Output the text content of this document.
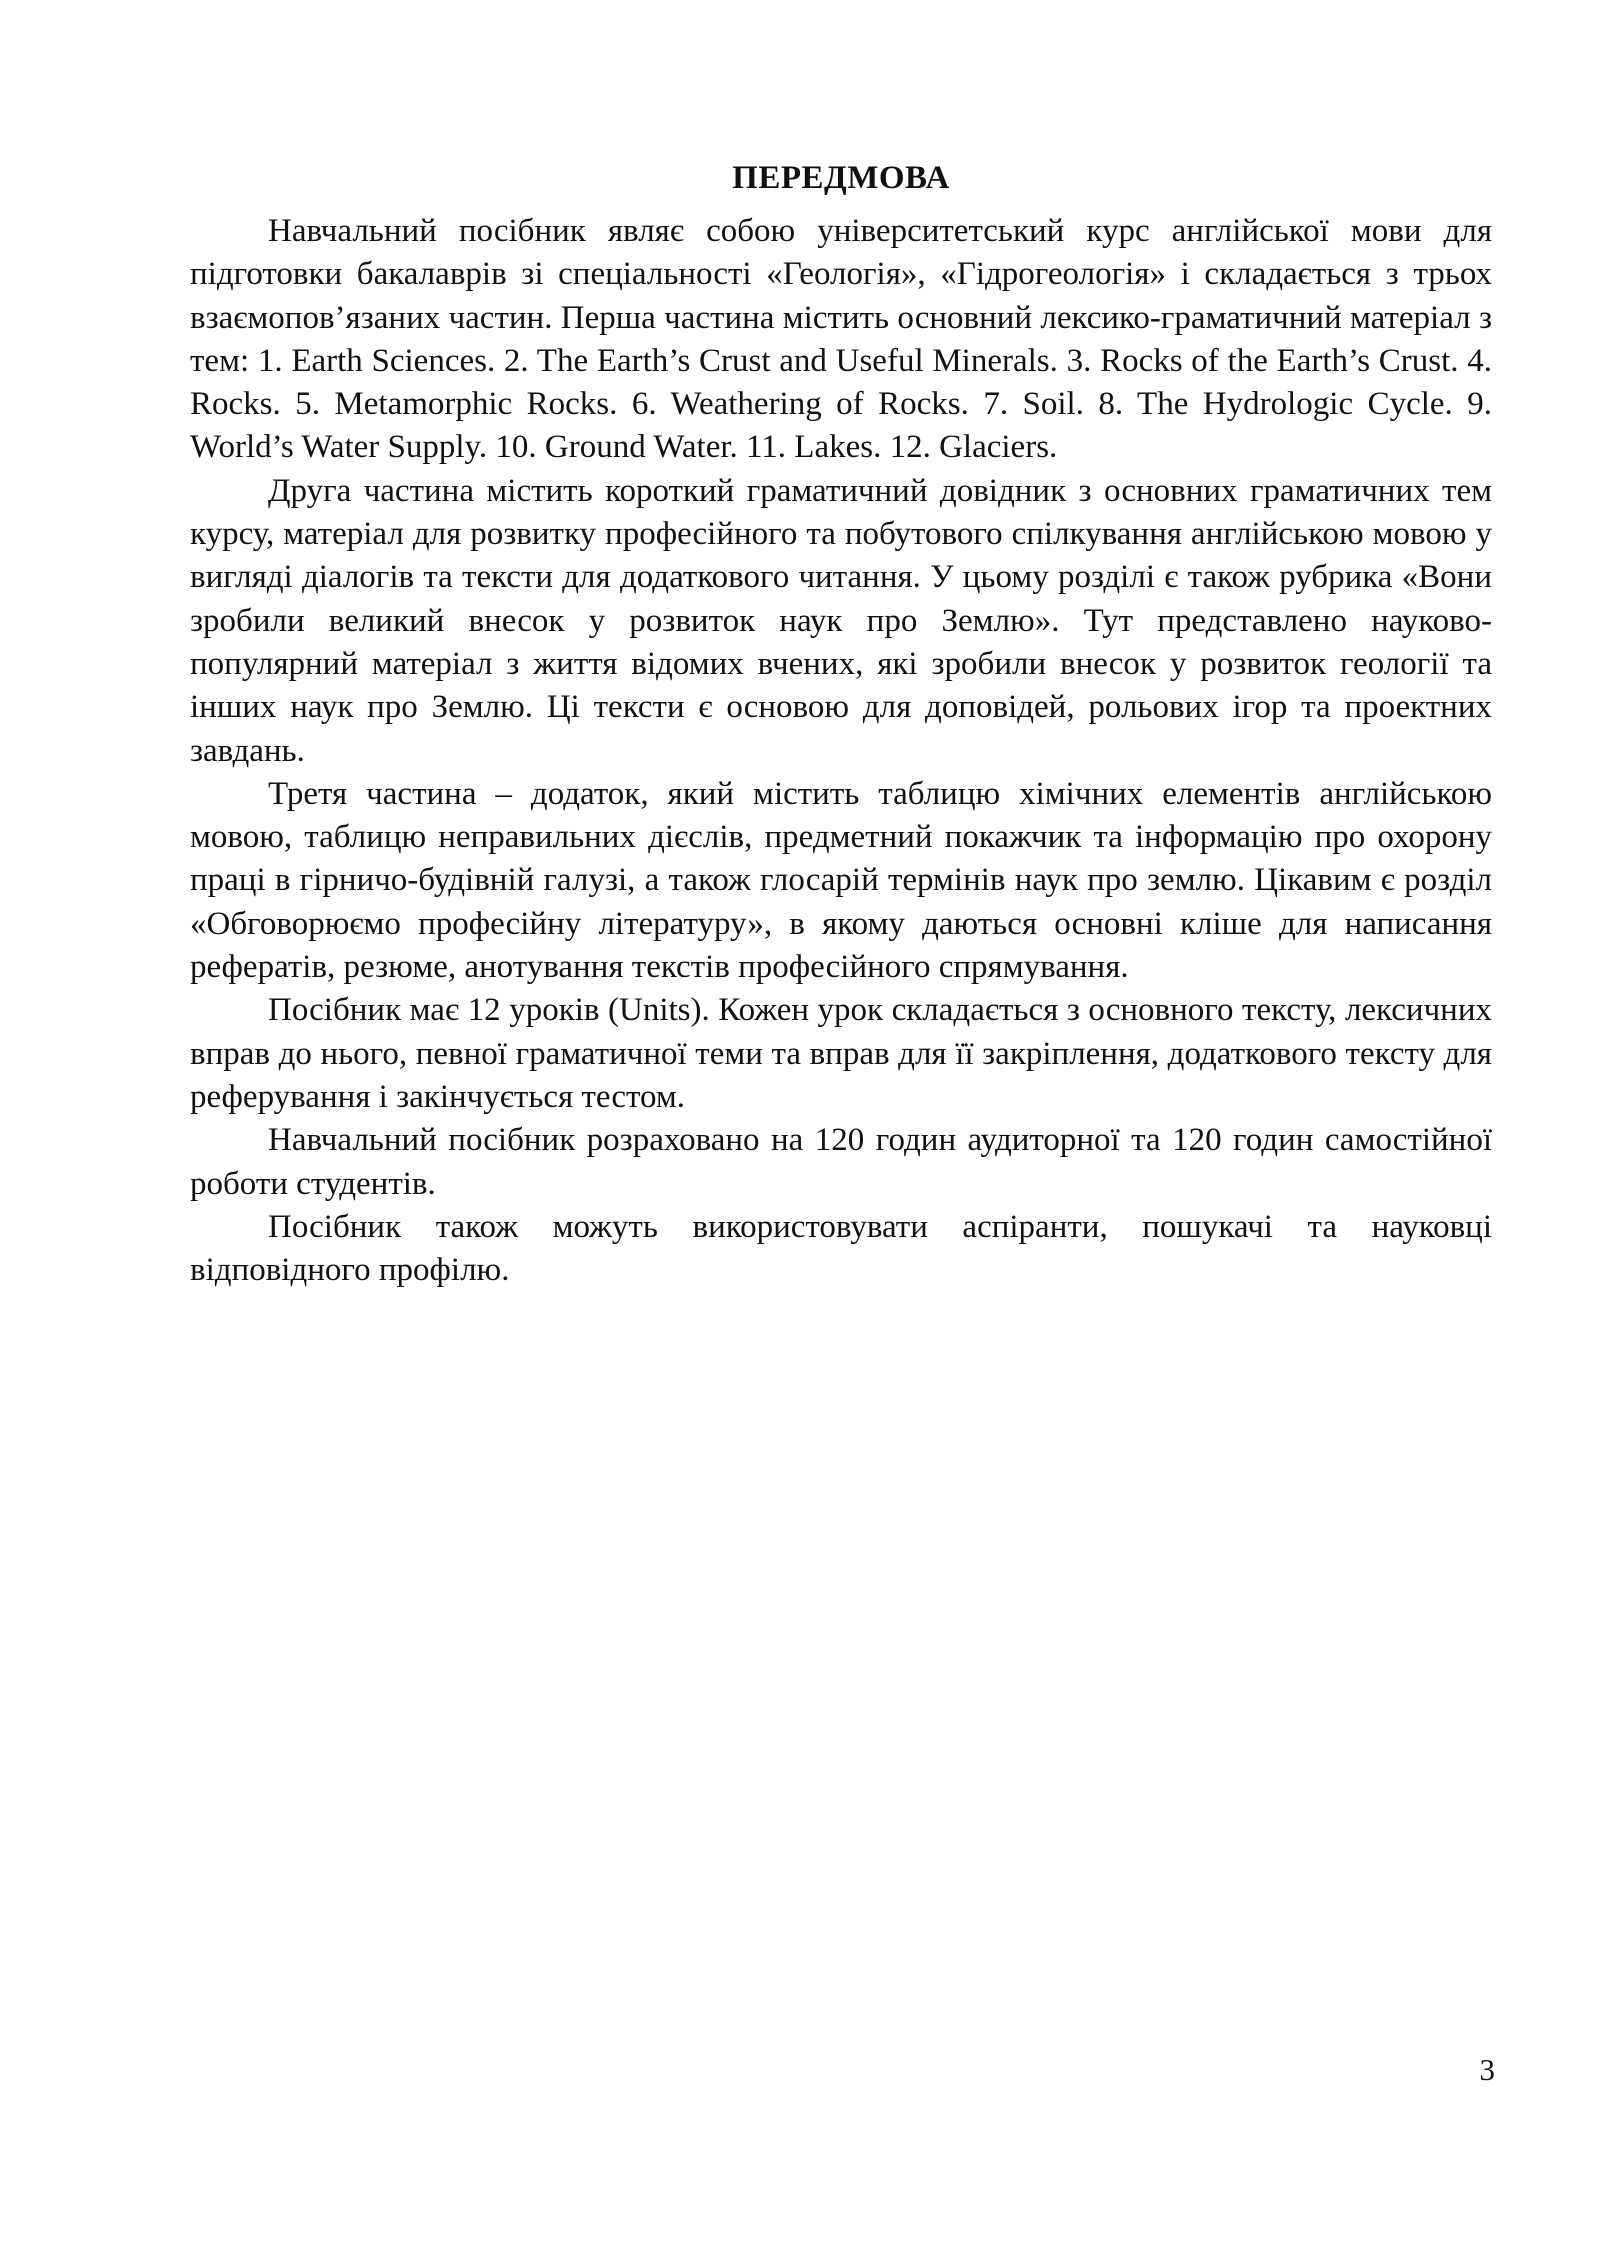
ПЕРЕДМОВА

Навчальний посібник являє собою університетський курс англійської мови для підготовки бакалаврів зі спеціальності «Геологія», «Гідрогеологія» і складається з трьох взаємопов’язаних частин. Перша частина містить основний лексико-граматичний матеріал з тем: 1. Earth Sciences. 2. The Earth’s Crust and Useful Minerals. 3. Rocks of the Earth’s Crust. 4. Rocks. 5. Metamorphic Rocks. 6. Weathering of Rocks. 7. Soil. 8. The Hydrologic Cycle. 9. World’s Water Supply. 10. Ground Water. 11. Lakes. 12. Glaciers.

Друга частина містить короткий граматичний довідник з основних граматичних тем курсу, матеріал для розвитку професійного та побутового спілкування англійською мовою у вигляді діалогів та тексти для додаткового читання. У цьому розділі є також рубрика «Вони зробили великий внесок у розвиток наук про Землю». Тут представлено науково-популярний матеріал з життя відомих вчених, які зробили внесок у розвиток геології та інших наук про Землю. Ці тексти є основою для доповідей, рольових ігор та проектних завдань.

Третя частина – додаток, який містить таблицю хімічних елементів англійською мовою, таблицю неправильних дієслів, предметний покажчик та інформацію про охорону праці в гірничо-будівній галузі, а також глосарій термінів наук про землю. Цікавим є розділ «Обговорюємо професійну літературу», в якому даються основні кліше для написання рефератів, резюме, анотування текстів професійного спрямування.

Посібник має 12 уроків (Units). Кожен урок складається з основного тексту, лексичних вправ до нього, певної граматичної теми та вправ для її закріплення, додаткового тексту для реферування і закінчується тестом.

Навчальний посібник розраховано на 120 годин аудиторної та 120 годин самостійної роботи студентів.

Посібник також можуть використовувати аспіранти, пошукачі та науковці відповідного профілю.

3
